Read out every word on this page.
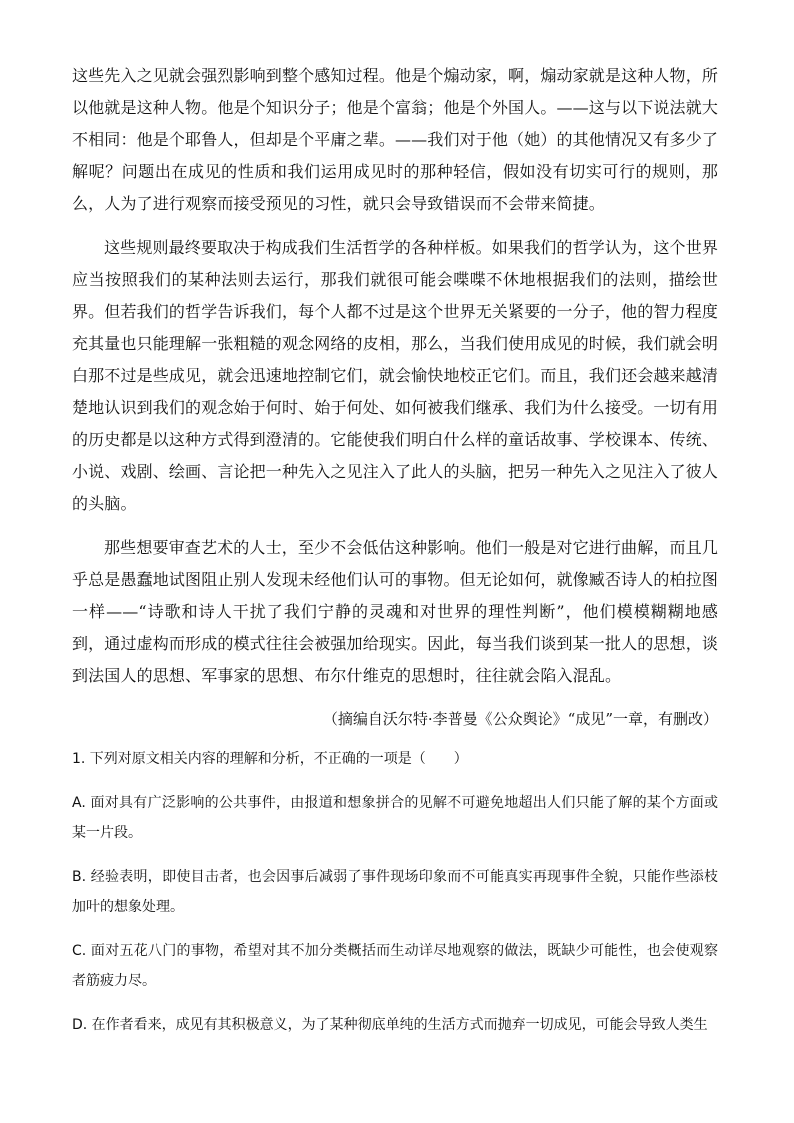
这些先入之见就会强烈影响到整个感知过程。他是个煽动家，啊，煽动家就是这种人物，所以他就是这种人物。他是个知识分子；他是个富翁；他是个外国人。——这与以下说法就大不相同：他是个耶鲁人，但却是个平庸之辈。——我们对于他（她）的其他情况又有多少了解呢？问题出在成见的性质和我们运用成见时的那种轻信，假如没有切实可行的规则，那么，人为了进行观察而接受预见的习性，就只会导致错误而不会带来简捷。

这些规则最终要取决于构成我们生活哲学的各种样板。如果我们的哲学认为，这个世界应当按照我们的某种法则去运行，那我们就很可能会喋喋不休地根据我们的法则，描绘世界。但若我们的哲学告诉我们，每个人都不过是这个世界无关紧要的一分子，他的智力程度充其量也只能理解一张粗糙的观念网络的皮相，那么，当我们使用成见的时候，我们就会明白那不过是些成见，就会迅速地控制它们，就会愉快地校正它们。而且，我们还会越来越清楚地认识到我们的观念始于何时、始于何处、如何被我们继承、我们为什么接受。一切有用的历史都是以这种方式得到澄清的。它能使我们明白什么样的童话故事、学校课本、传统、小说、戏剧、绘画、言论把一种先入之见注入了此人的头脑，把另一种先入之见注入了彼人的头脑。

那些想要审查艺术的人士，至少不会低估这种影响。他们一般是对它进行曲解，而且几乎总是愚蠢地试图阻止别人发现未经他们认可的事物。但无论如何，就像臧否诗人的柏拉图一样——“诗歌和诗人干扰了我们宁静的灵魂和对世界的理性判断”，他们模模糊糊地感到，通过虚构而形成的模式往往会被强加给现实。因此，每当我们谈到某一批人的思想，谈到法国人的思想、军事家的思想、布尔什维克的思想时，往往就会陷入混乱。

（摘编自沃尔特·李普曼《公众舆论》“成见”一章，有删改）

1. 下列对原文相关内容的理解和分析，不正确的一项是（　　）

A. 面对具有广泛影响的公共事件，由报道和想象拼合的见解不可避免地超出人们只能了解的某个方面或某一片段。

B. 经验表明，即使目击者，也会因事后减弱了事件现场印象而不可能真实再现事件全貌，只能作些添枝加叶的想象处理。

C. 面对五花八门的事物，希望对其不加分类概括而生动详尽地观察的做法，既缺少可能性，也会使观察者筋疲力尽。

D. 在作者看来，成见有其积极意义，为了某种彻底单纯的生活方式而抛弃一切成见，可能会导致人类生
